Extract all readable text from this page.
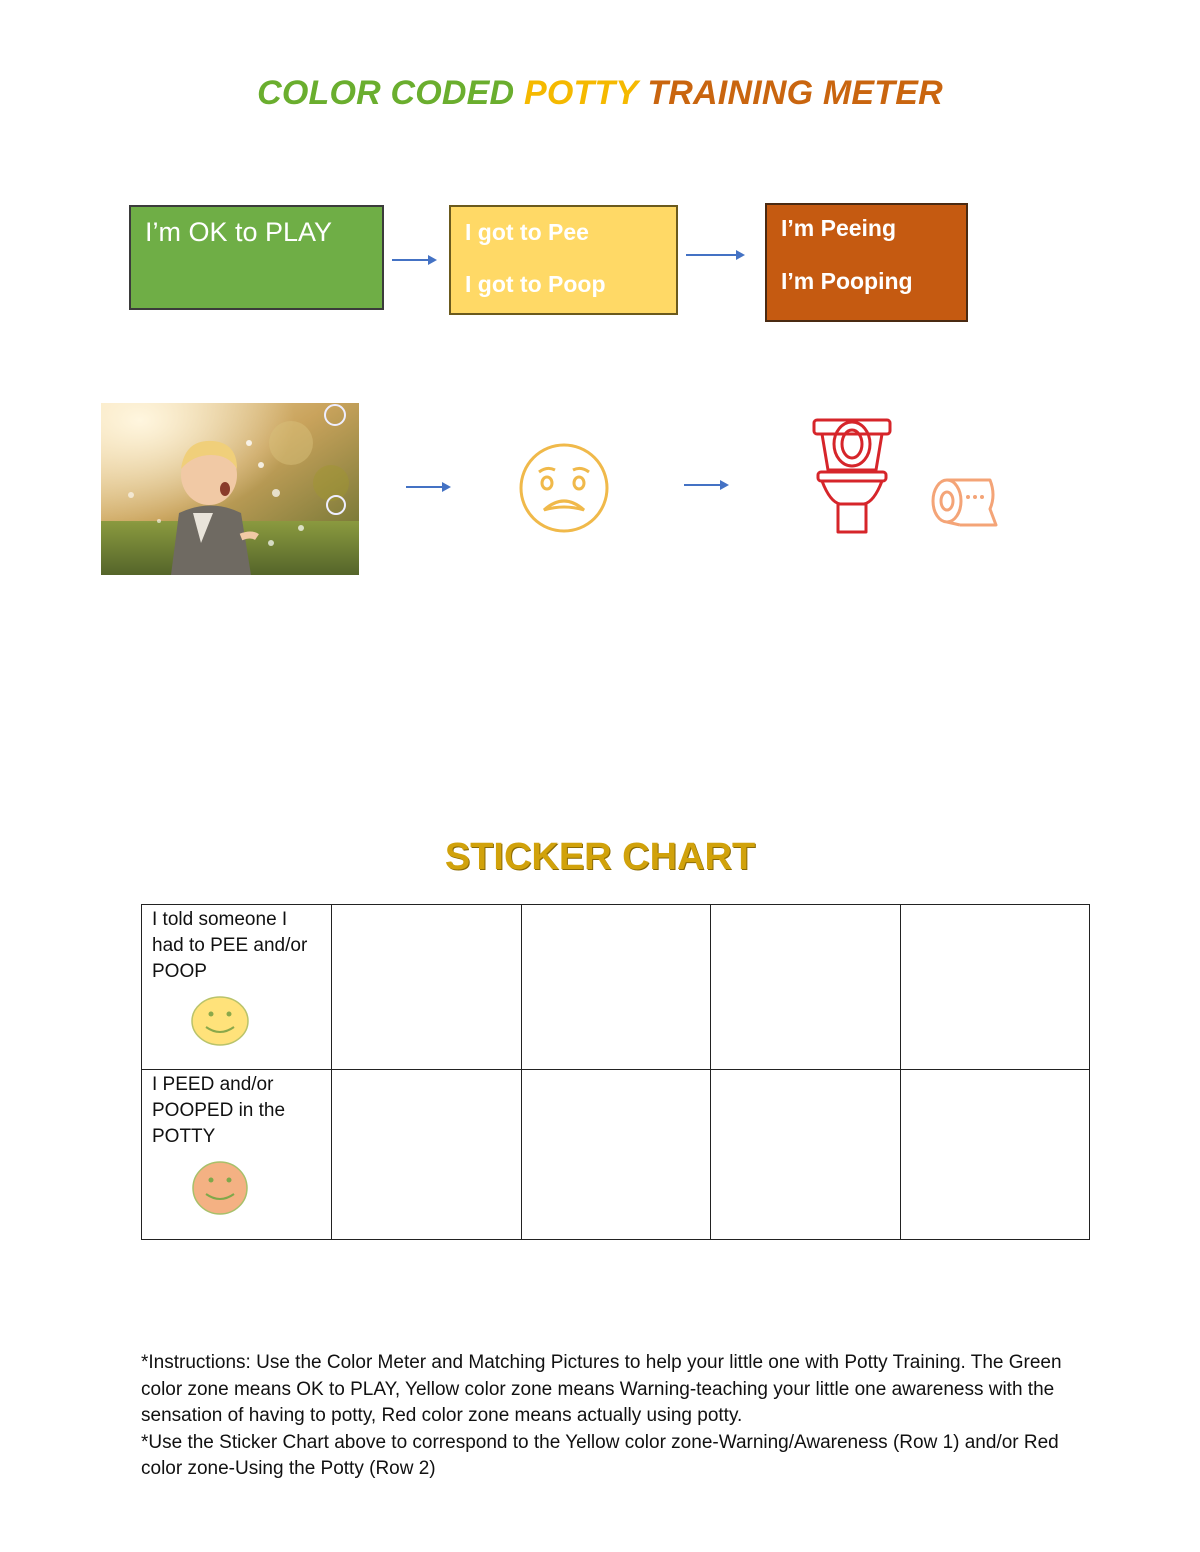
COLOR CODED POTTY TRAINING METER
I’m OK to PLAY	I got to Pee
I got to Poop
I’m Peeing
I’m Pooping
STICKER CHART
I told someone I had to PEE and/or POOP				

I PEED and/or POOPED in the POTTY				

*Instructions: Use the Color Meter and Matching Pictures to help your little one with Potty Training. The Green color zone means OK to PLAY, Yellow color zone means Warning-teaching your little one awareness with the sensation of having to potty, Red color zone means actually using potty.

*Use the Sticker Chart above to correspond to the Yellow color zone-Warning/Awareness (Row 1) and/or Red color zone-Using the Potty (Row 2)
